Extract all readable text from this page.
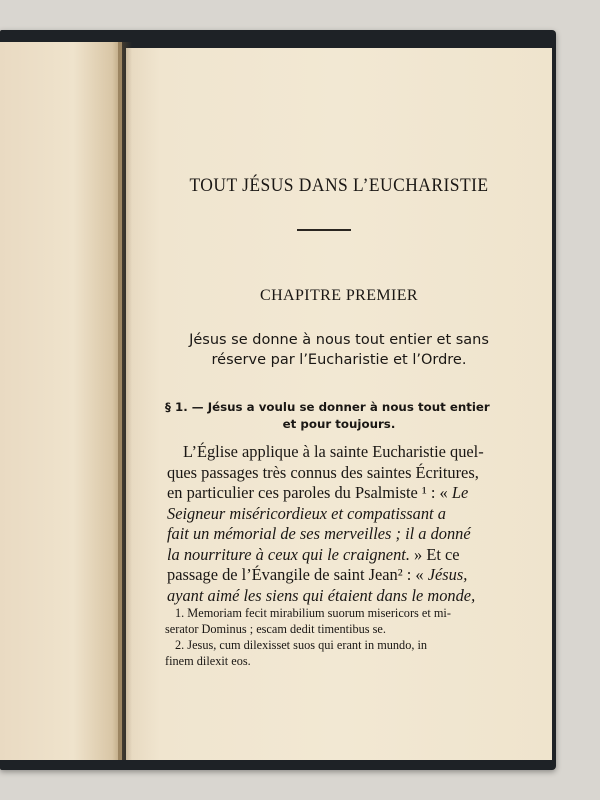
TOUT JÉSUS DANS L’EUCHARISTIE
CHAPITRE PREMIER
Jésus se donne à nous tout entier et sans
réserve par l’Eucharistie et l’Ordre.
§ 1. — Jésus a voulu se donner à nous tout entier
et pour toujours.
L’Église applique à la sainte Eucharistie quel-
ques passages très connus des saintes Écritures,
en particulier ces paroles du Psalmiste ¹ : « Le
Seigneur miséricordieux et compatissant a
fait un mémorial de ses merveilles ; il a donné
la nourriture à ceux qui le craignent. » Et ce
passage de l’Évangile de saint Jean² : « Jésus,
ayant aimé les siens qui étaient dans le monde,
1. Memoriam fecit mirabilium suorum misericors et mi-
serator Dominus ; escam dedit timentibus se.
2. Jesus, cum dilexisset suos qui erant in mundo, in
finem dilexit eos.
